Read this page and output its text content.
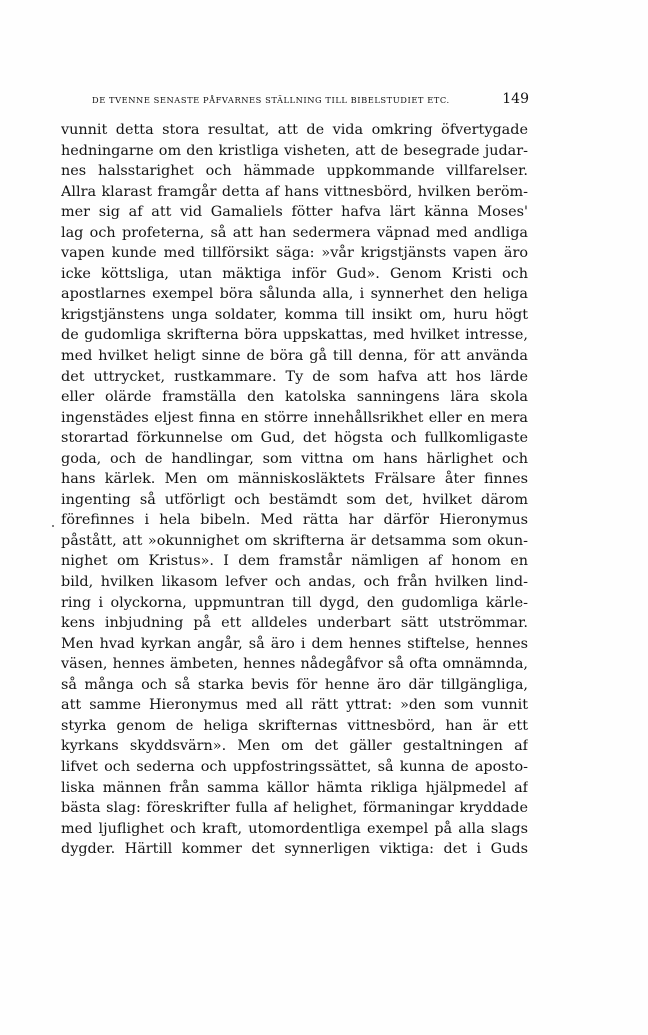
DE TVENNE SENASTE PÅFVARNES STÄLLNING TILL BIBELSTUDIET ETC.	149
vunnit detta stora resultat, att de vida omkring öfvertygade
hedningarne om den kristliga visheten, att de besegrade judar-
nes halsstarighet och hämmade uppkommande villfarelser.
Allra klarast framgår detta af hans vittnesbörd, hvilken beröm-
mer sig af att vid Gamaliels fötter hafva lärt känna Moses'
lag och profeterna, så att han sedermera väpnad med andliga
vapen kunde med tillförsikt säga: »vår krigstjänsts vapen äro
icke köttsliga, utan mäktiga inför Gud». Genom Kristi och
apostlarnes exempel böra sålunda alla, i synnerhet den heliga
krigstjänstens unga soldater, komma till insikt om, huru högt
de gudomliga skrifterna böra uppskattas, med hvilket intresse,
med hvilket heligt sinne de böra gå till denna, för att använda
det uttrycket, rustkammare. Ty de som hafva att hos lärde
eller olärde framställa den katolska sanningens lära skola
ingenstädes eljest finna en större innehållsrikhet eller en mera
storartad förkunnelse om Gud, det högsta och fullkomligaste
goda, och de handlingar, som vittna om hans härlighet och
hans kärlek. Men om människosläktets Frälsare åter finnes
ingenting så utförligt och bestämdt som det, hvilket därom
förefinnes i hela bibeln. Med rätta har därför Hieronymus
påstått, att »okunnighet om skrifterna är detsamma som okun-
nighet om Kristus». I dem framstår nämligen af honom en
bild, hvilken likasom lefver och andas, och från hvilken lind-
ring i olyckorna, uppmuntran till dygd, den gudomliga kärle-
kens inbjudning på ett alldeles underbart sätt utströmmar.
Men hvad kyrkan angår, så äro i dem hennes stiftelse, hennes
väsen, hennes ämbeten, hennes nådegåfvor så ofta omnämnda,
så många och så starka bevis för henne äro där tillgängliga,
att samme Hieronymus med all rätt yttrat: »den som vunnit
styrka genom de heliga skrifternas vittnesbörd, han är ett
kyrkans skyddsvärn». Men om det gäller gestaltningen af
lifvet och sederna och uppfostringssättet, så kunna de aposto-
liska männen från samma källor hämta rikliga hjälpmedel af
bästa slag: föreskrifter fulla af helighet, förmaningar kryddade
med ljuflighet och kraft, utomordentliga exempel på alla slags
dygder. Härtill kommer det synnerligen viktiga: det i Guds
